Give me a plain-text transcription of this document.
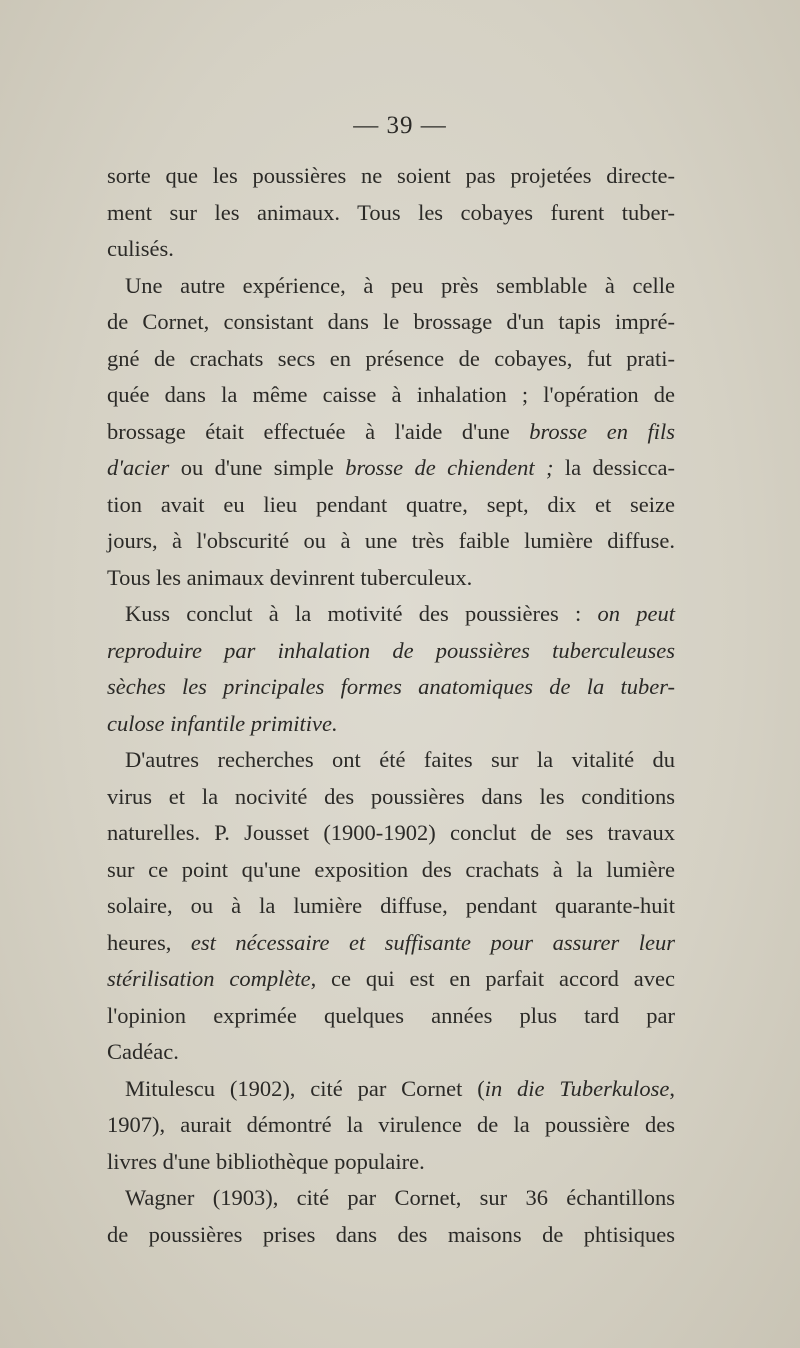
— 39 —
sorte que les poussières ne soient pas projetées directe-
ment sur les animaux. Tous les cobayes furent tuber-
culisés.
Une autre expérience, à peu près semblable à celle
de Cornet, consistant dans le brossage d'un tapis impré-
gné de crachats secs en présence de cobayes, fut prati-
quée dans la même caisse à inhalation ; l'opération de
brossage était effectuée à l'aide d'une brosse en fils
d'acier ou d'une simple brosse de chiendent ; la dessicca-
tion avait eu lieu pendant quatre, sept, dix et seize
jours, à l'obscurité ou à une très faible lumière diffuse.
Tous les animaux devinrent tuberculeux.
Kuss conclut à la motivité des poussières : on peut
reproduire par inhalation de poussières tuberculeuses
sèches les principales formes anatomiques de la tuber-
culose infantile primitive.
D'autres recherches ont été faites sur la vitalité du
virus et la nocivité des poussières dans les conditions
naturelles. P. Jousset (1900-1902) conclut de ses travaux
sur ce point qu'une exposition des crachats à la lumière
solaire, ou à la lumière diffuse, pendant quarante-huit
heures, est nécessaire et suffisante pour assurer leur
stérilisation complète, ce qui est en parfait accord avec
l'opinion exprimée quelques années plus tard par
Cadéac.
Mitulescu (1902), cité par Cornet (in die Tuberkulose,
1907), aurait démontré la virulence de la poussière des
livres d'une bibliothèque populaire.
Wagner (1903), cité par Cornet, sur 36 échantillons
de poussières prises dans des maisons de phtisiques
